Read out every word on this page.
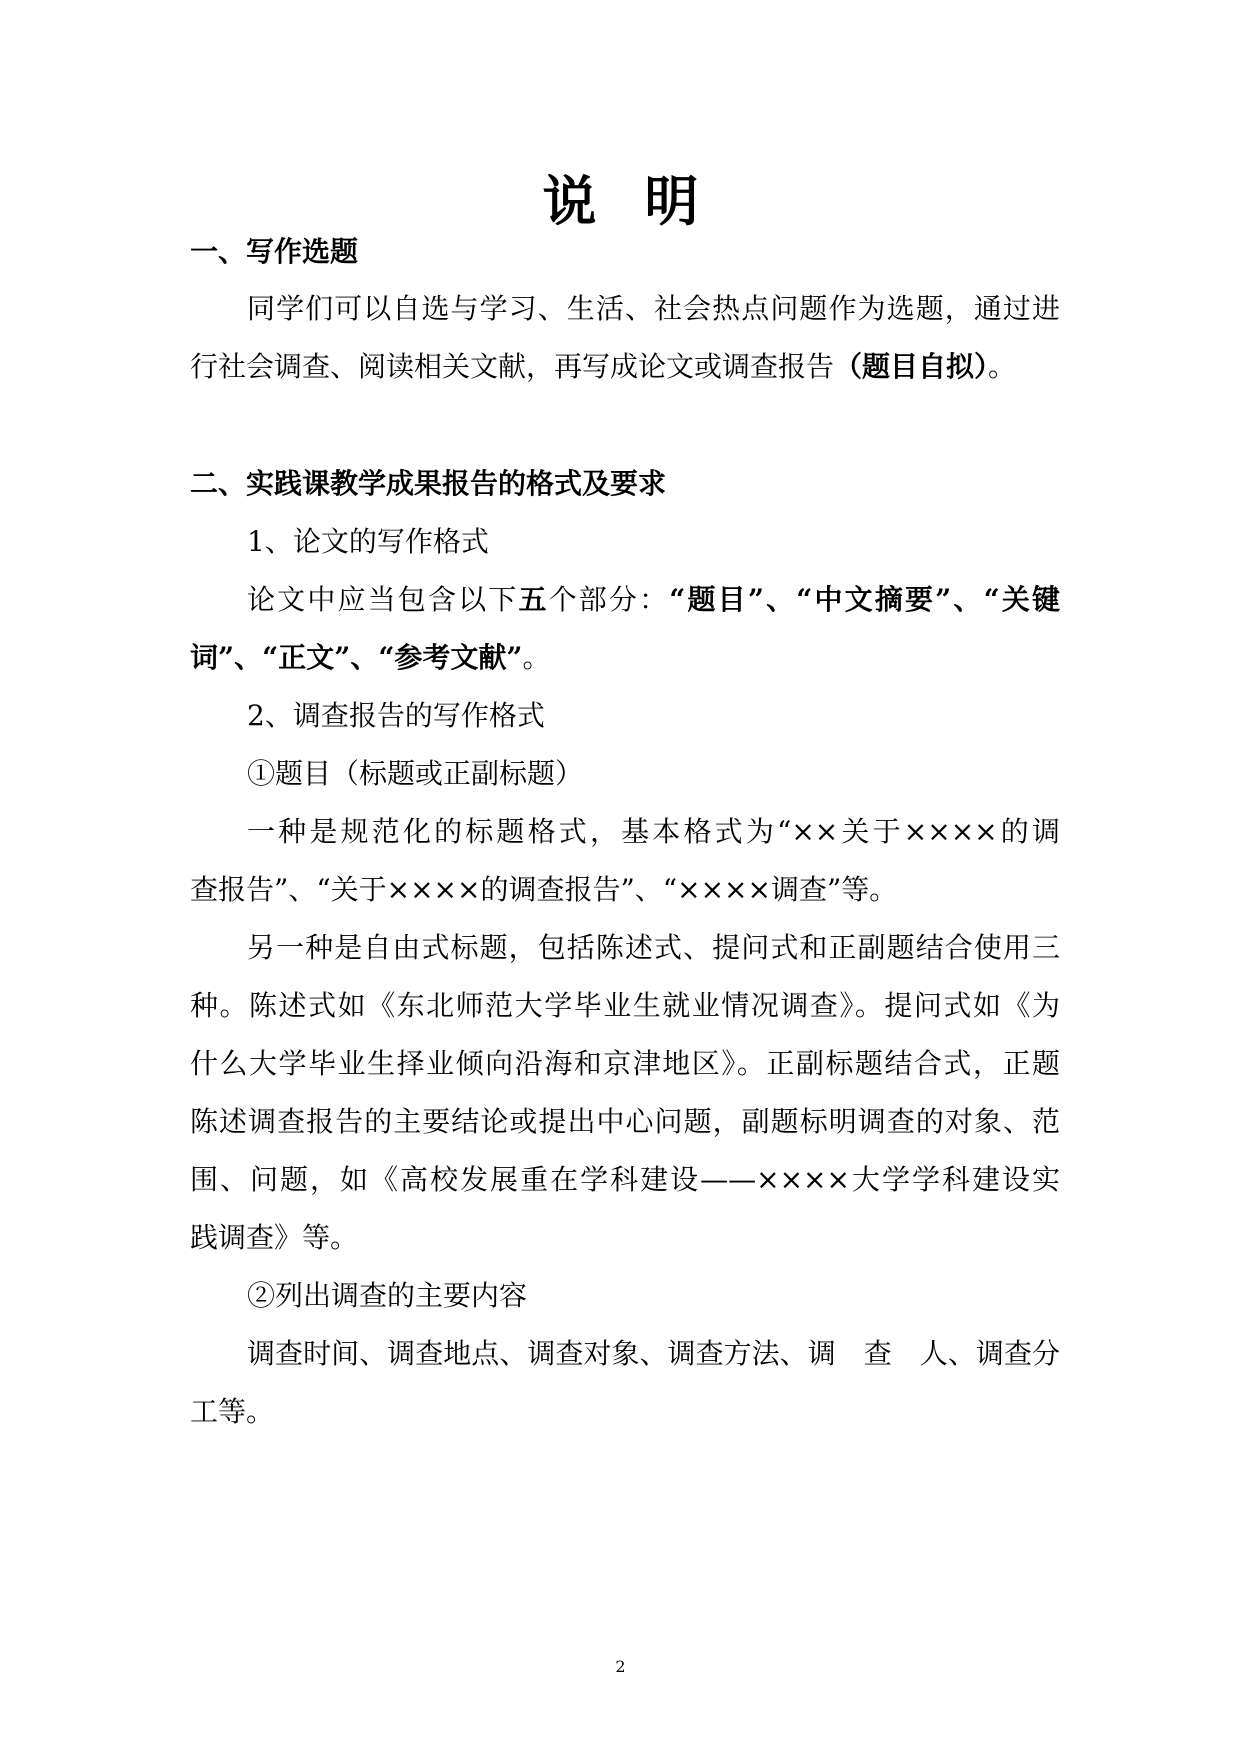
说明
一、写作选题
同学们可以自选与学习、生活、社会热点问题作为选题，通过进
行社会调查、阅读相关文献，再写成论文或调查报告（题目自拟）。
二、实践课教学成果报告的格式及要求
1、论文的写作格式
论文中应当包含以下五个部分：“题目”、“中文摘要”、“关键
词”、“正文”、“参考文献”。
2、调查报告的写作格式
①题目（标题或正副标题）
一种是规范化的标题格式，基本格式为“××关于××××的调
查报告”、“关于××××的调查报告”、“××××调查”等。
另一种是自由式标题，包括陈述式、提问式和正副题结合使用三
种。陈述式如《东北师范大学毕业生就业情况调查》。提问式如《为
什么大学毕业生择业倾向沿海和京津地区》。正副标题结合式，正题
陈述调查报告的主要结论或提出中心问题，副题标明调查的对象、范
围、问题，如《高校发展重在学科建设——××××大学学科建设实
践调查》等。
②列出调查的主要内容
调查时间、调查地点、调查对象、调查方法、调　查　人、调查分
工等。
2
